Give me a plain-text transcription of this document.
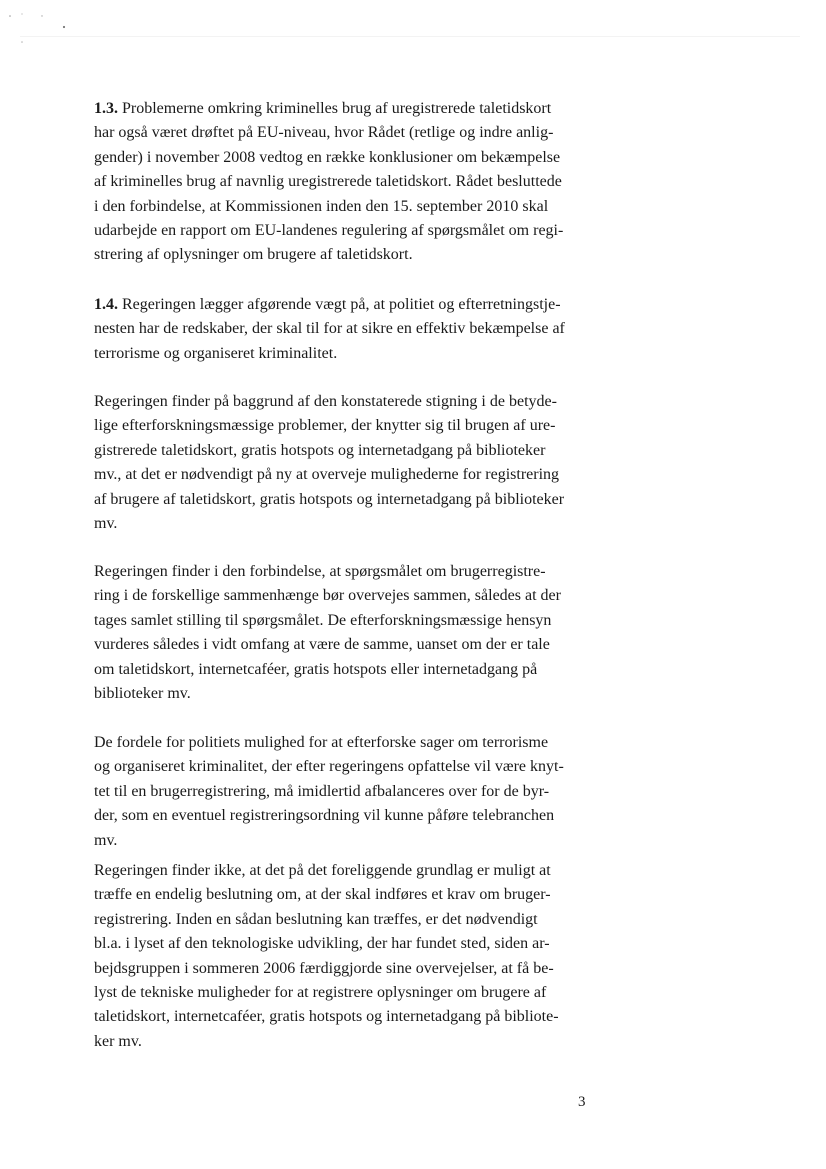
1.3. Problemerne omkring kriminelles brug af uregistrerede taletidskort
har også været drøftet på EU-niveau, hvor Rådet (retlige og indre anlig-
gender) i november 2008 vedtog en række konklusioner om bekæmpelse
af kriminelles brug af navnlig uregistrerede taletidskort. Rådet besluttede
i den forbindelse, at Kommissionen inden den 15. september 2010 skal
udarbejde en rapport om EU-landenes regulering af spørgsmålet om regi-
strering af oplysninger om brugere af taletidskort.

1.4. Regeringen lægger afgørende vægt på, at politiet og efterretningstje-
nesten har de redskaber, der skal til for at sikre en effektiv bekæmpelse af
terrorisme og organiseret kriminalitet.

Regeringen finder på baggrund af den konstaterede stigning i de betyde-
lige efterforskningsmæssige problemer, der knytter sig til brugen af ure-
gistrerede taletidskort, gratis hotspots og internetadgang på biblioteker
mv., at det er nødvendigt på ny at overveje mulighederne for registrering
af brugere af taletidskort, gratis hotspots og internetadgang på biblioteker
mv.

Regeringen finder i den forbindelse, at spørgsmålet om brugerregistre-
ring i de forskellige sammenhænge bør overvejes sammen, således at der
tages samlet stilling til spørgsmålet. De efterforskningsmæssige hensyn
vurderes således i vidt omfang at være de samme, uanset om der er tale
om taletidskort, internetcaféer, gratis hotspots eller internetadgang på
biblioteker mv.

De fordele for politiets mulighed for at efterforske sager om terrorisme
og organiseret kriminalitet, der efter regeringens opfattelse vil være knyt-
tet til en brugerregistrering, må imidlertid afbalanceres over for de byr-
der, som en eventuel registreringsordning vil kunne påføre telebranchen
mv.

Regeringen finder ikke, at det på det foreliggende grundlag er muligt at
træffe en endelig beslutning om, at der skal indføres et krav om bruger-
registrering. Inden en sådan beslutning kan træffes, er det nødvendigt
bl.a. i lyset af den teknologiske udvikling, der har fundet sted, siden ar-
bejdsgruppen i sommeren 2006 færdiggjorde sine overvejelser, at få be-
lyst de tekniske muligheder for at registrere oplysninger om brugere af
taletidskort, internetcaféer, gratis hotspots og internetadgang på bibliote-
ker mv.

3
